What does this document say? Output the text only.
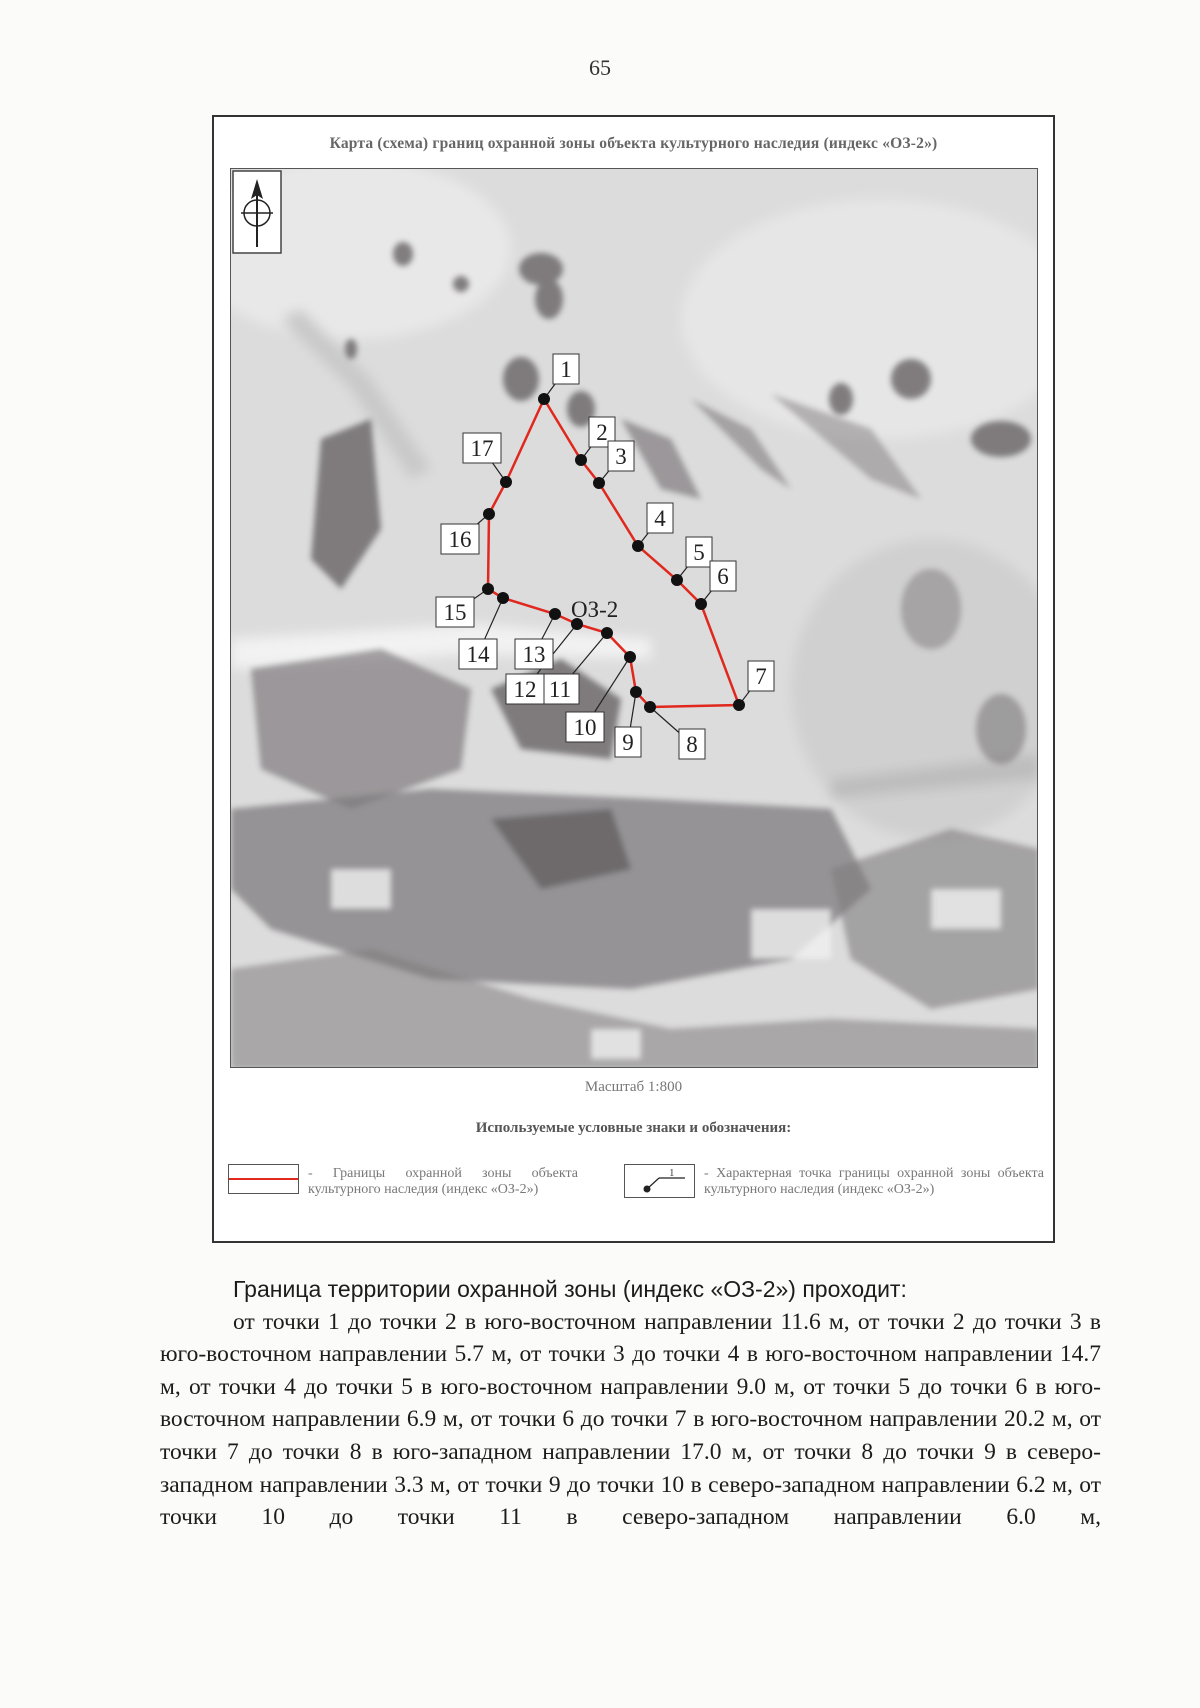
65
Карта (схема) границ охранной зоны объекта культурного наследия (индекс «ОЗ-2»)
1
2
3
4
5
6
7
8
9
10
11
12
13
14
15
16
17
ОЗ-2
Масштаб 1:800
Используемые условные знаки и обозначения:
- Границы охранной зоны объекта культурного наследия (индекс «ОЗ-2»)
1 - Характерная точка границы охранной зоны объекта культурного наследия (индекс «ОЗ-2»)
Граница территории охранной зоны (индекс «ОЗ-2») проходит:
от точки 1 до точки 2 в юго-восточном направлении 11.6 м, от точки 2 до точки 3 в юго-восточном направлении 5.7 м, от точки 3 до точки 4 в юго-восточном направлении 14.7 м, от точки 4 до точки 5 в юго-восточном направлении 9.0 м, от точки 5 до точки 6 в юго-восточном направлении 6.9 м, от точки 6 до точки 7 в юго-восточном направлении 20.2 м, от точки 7 до точки 8 в юго-западном направлении 17.0 м, от точки 8 до точки 9 в северо-западном направлении 3.3 м, от точки 9 до точки 10 в северо-западном направлении 6.2 м, от точки 10 до точки 11 в северо-западном направлении 6.0 м,
